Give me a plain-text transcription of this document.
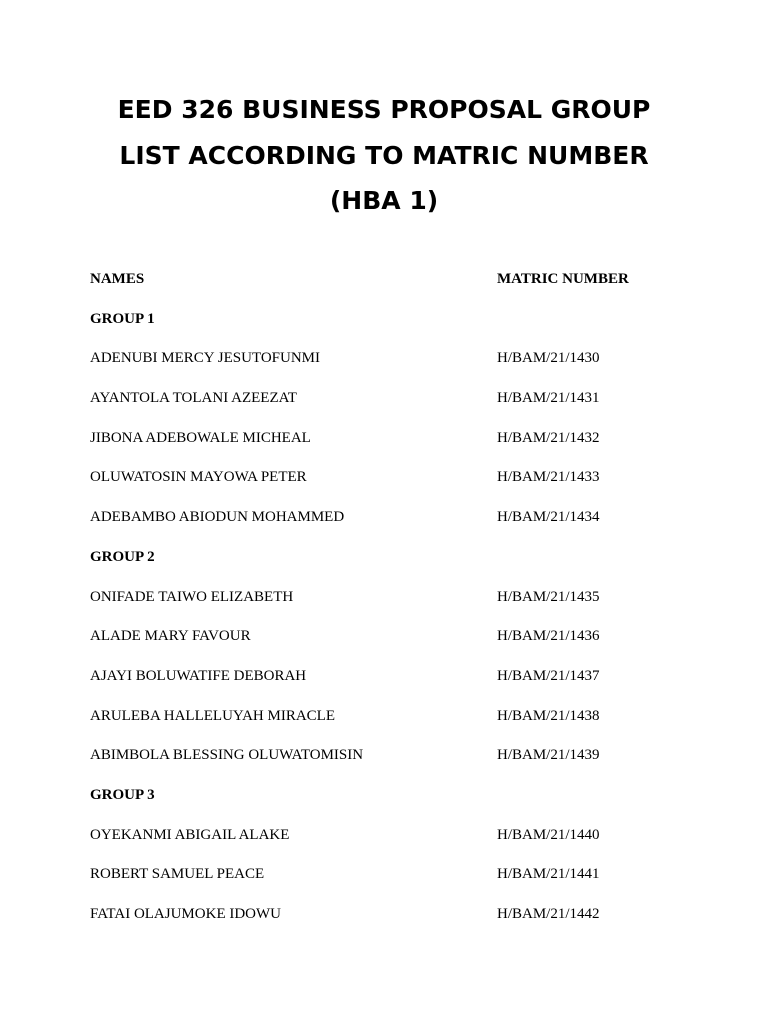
EED 326 BUSINESS PROPOSAL GROUP
LIST ACCORDING TO MATRIC NUMBER
(HBA 1)
NAMES	MATRIC NUMBER
GROUP 1
ADENUBI MERCY JESUTOFUNMI	H/BAM/21/1430
AYANTOLA TOLANI AZEEZAT	H/BAM/21/1431
JIBONA ADEBOWALE MICHEAL	H/BAM/21/1432
OLUWATOSIN MAYOWA PETER	H/BAM/21/1433
ADEBAMBO ABIODUN MOHAMMED	H/BAM/21/1434
GROUP 2
ONIFADE TAIWO ELIZABETH	H/BAM/21/1435
ALADE MARY FAVOUR	H/BAM/21/1436
AJAYI BOLUWATIFE DEBORAH	H/BAM/21/1437
ARULEBA HALLELUYAH MIRACLE	H/BAM/21/1438
ABIMBOLA BLESSING OLUWATOMISIN	H/BAM/21/1439
GROUP 3
OYEKANMI ABIGAIL ALAKE	H/BAM/21/1440
ROBERT SAMUEL PEACE	H/BAM/21/1441
FATAI OLAJUMOKE IDOWU	H/BAM/21/1442
